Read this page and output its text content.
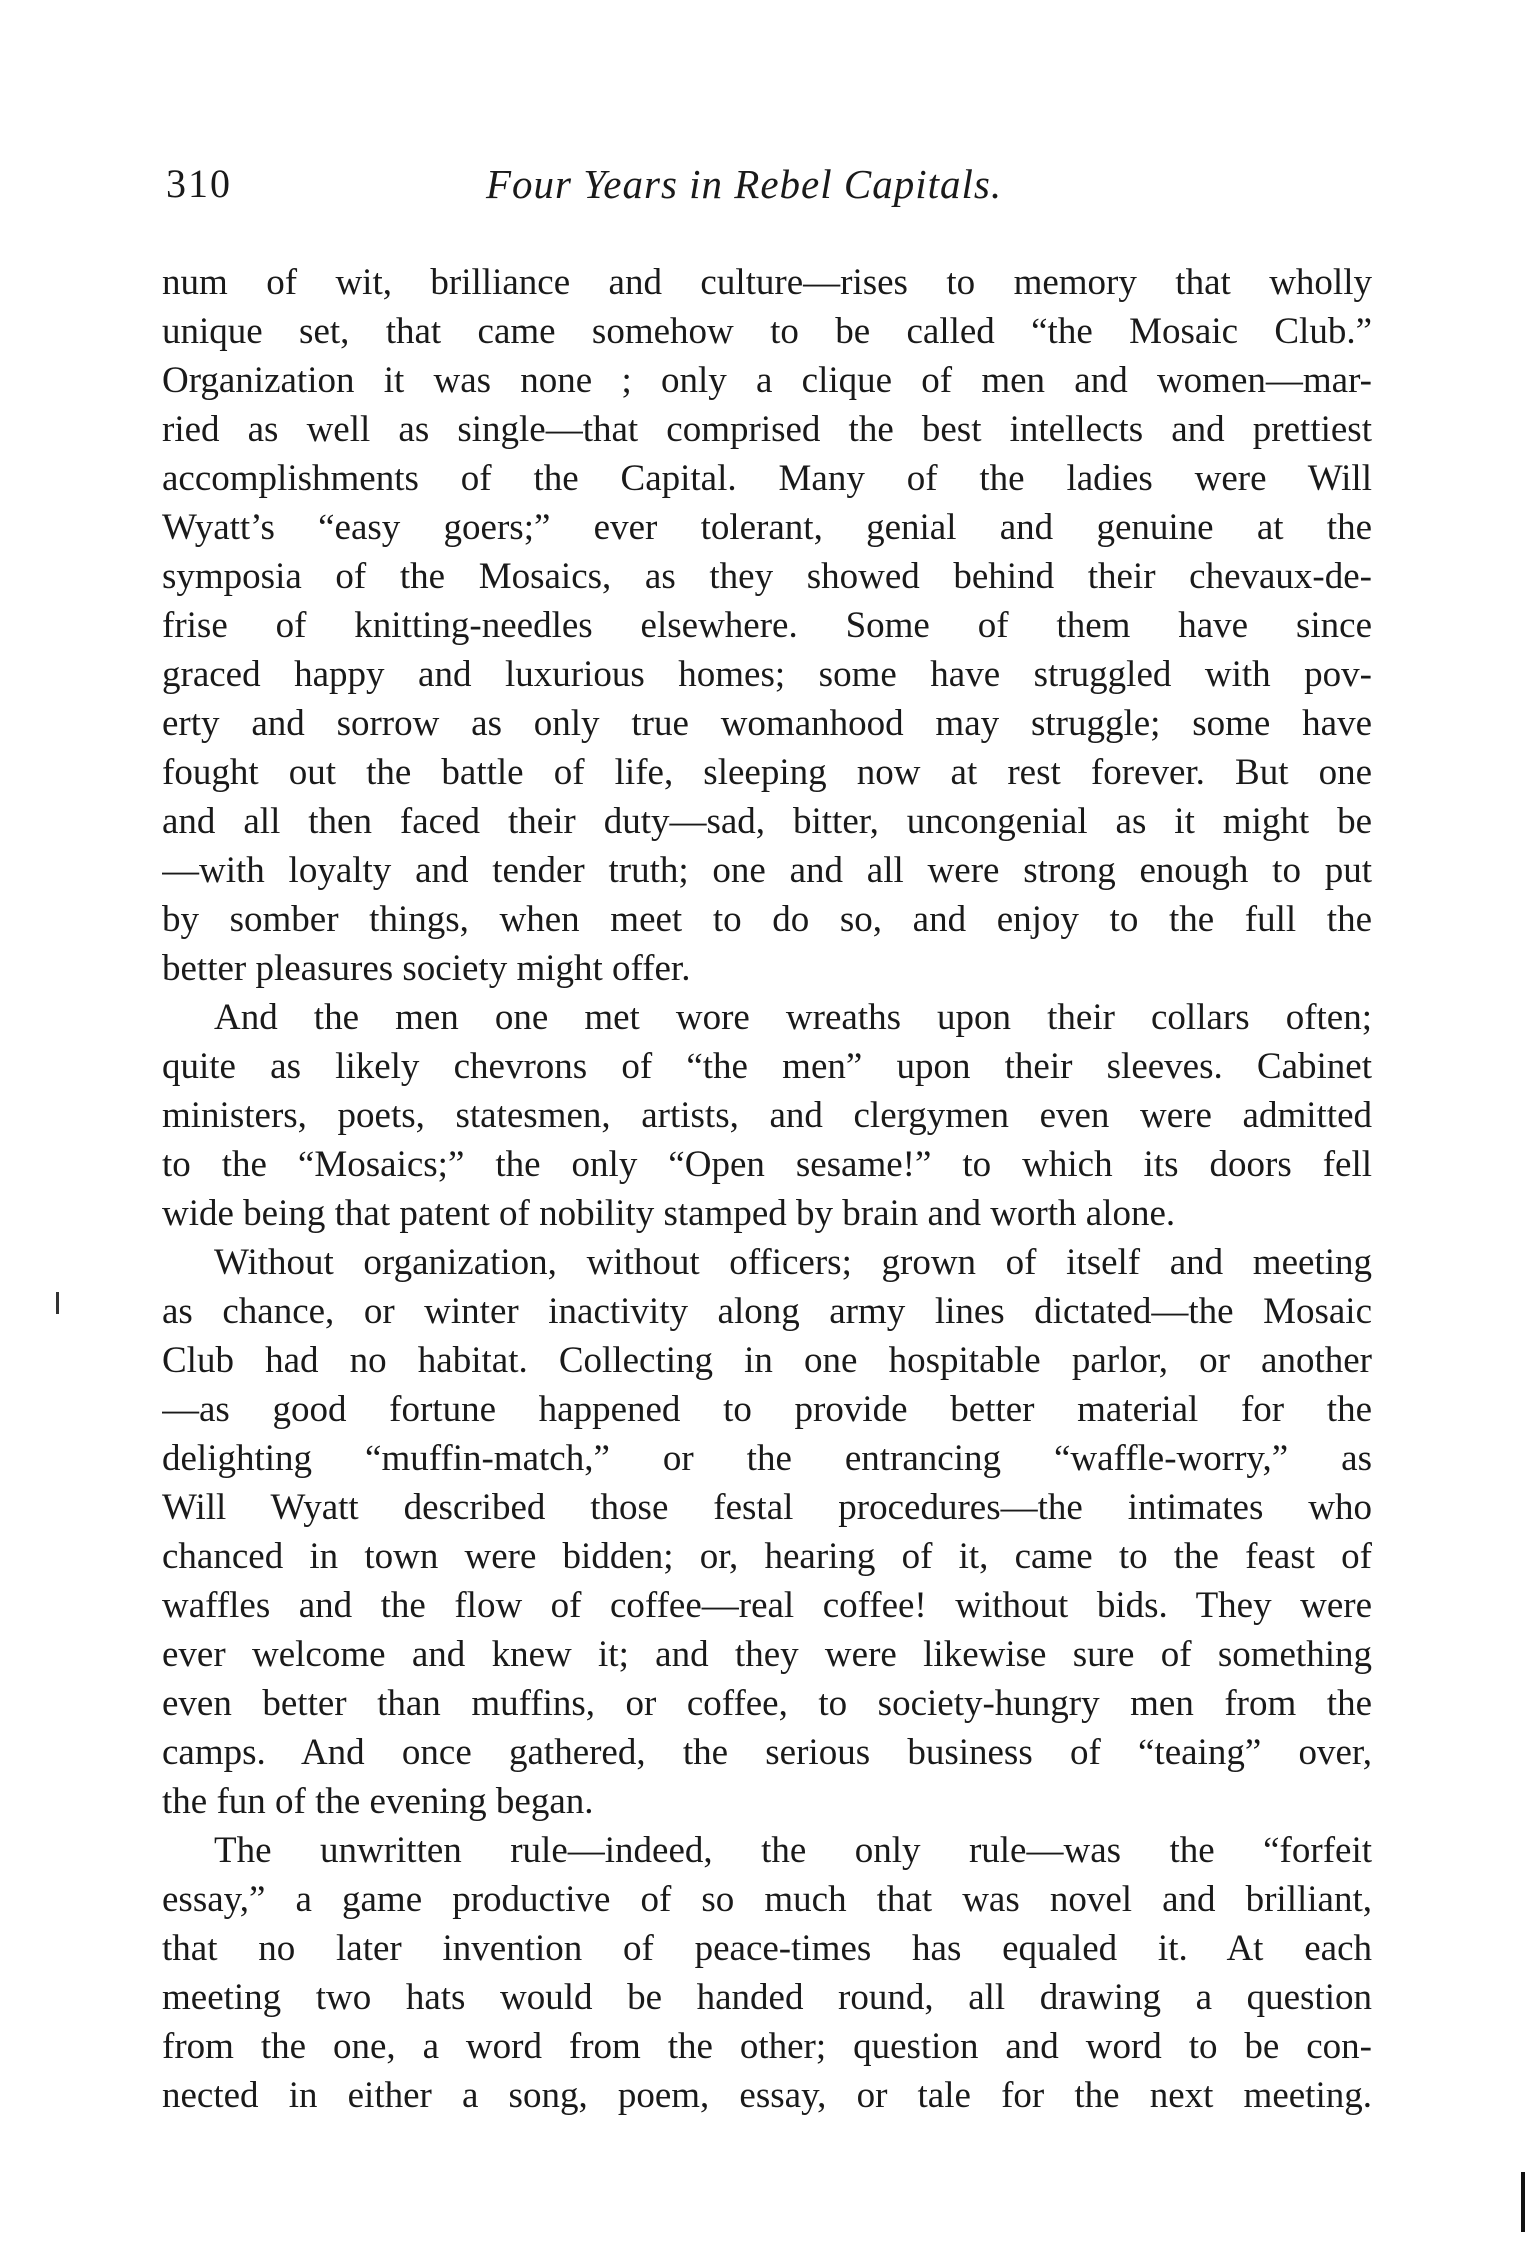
310	Four Years in Rebel Capitals.
num of wit, brilliance and culture—rises to memory that wholly
unique set, that came somehow to be called “the Mosaic Club.”
Organization it was none ; only a clique of men and women—mar-
ried as well as single—that comprised the best intellects and prettiest
accomplishments of the Capital. Many of the ladies were Will
Wyatt’s “easy goers;” ever tolerant, genial and genuine at the
symposia of the Mosaics, as they showed behind their chevaux-de-
frise of knitting-needles elsewhere. Some of them have since
graced happy and luxurious homes; some have struggled with pov-
erty and sorrow as only true womanhood may struggle; some have
fought out the battle of life, sleeping now at rest forever. But one
and all then faced their duty—sad, bitter, uncongenial as it might be
—with loyalty and tender truth; one and all were strong enough to put
by somber things, when meet to do so, and enjoy to the full the
better pleasures society might offer.
And the men one met wore wreaths upon their collars often;
quite as likely chevrons of “the men” upon their sleeves. Cabinet
ministers, poets, statesmen, artists, and clergymen even were admitted
to the “Mosaics;” the only “Open sesame!” to which its doors fell
wide being that patent of nobility stamped by brain and worth alone.
Without organization, without officers; grown of itself and meeting
as chance, or winter inactivity along army lines dictated—the Mosaic
Club had no habitat. Collecting in one hospitable parlor, or another
—as good fortune happened to provide better material for the
delighting “muffin-match,” or the entrancing “waffle-worry,” as
Will Wyatt described those festal procedures—the intimates who
chanced in town were bidden; or, hearing of it, came to the feast of
waffles and the flow of coffee—real coffee! without bids. They were
ever welcome and knew it; and they were likewise sure of something
even better than muffins, or coffee, to society-hungry men from the
camps. And once gathered, the serious business of “teaing” over,
the fun of the evening began.
The unwritten rule—indeed, the only rule—was the “forfeit
essay,” a game productive of so much that was novel and brilliant,
that no later invention of peace-times has equaled it. At each
meeting two hats would be handed round, all drawing a question
from the one, a word from the other; question and word to be con-
nected in either a song, poem, essay, or tale for the next meeting.
